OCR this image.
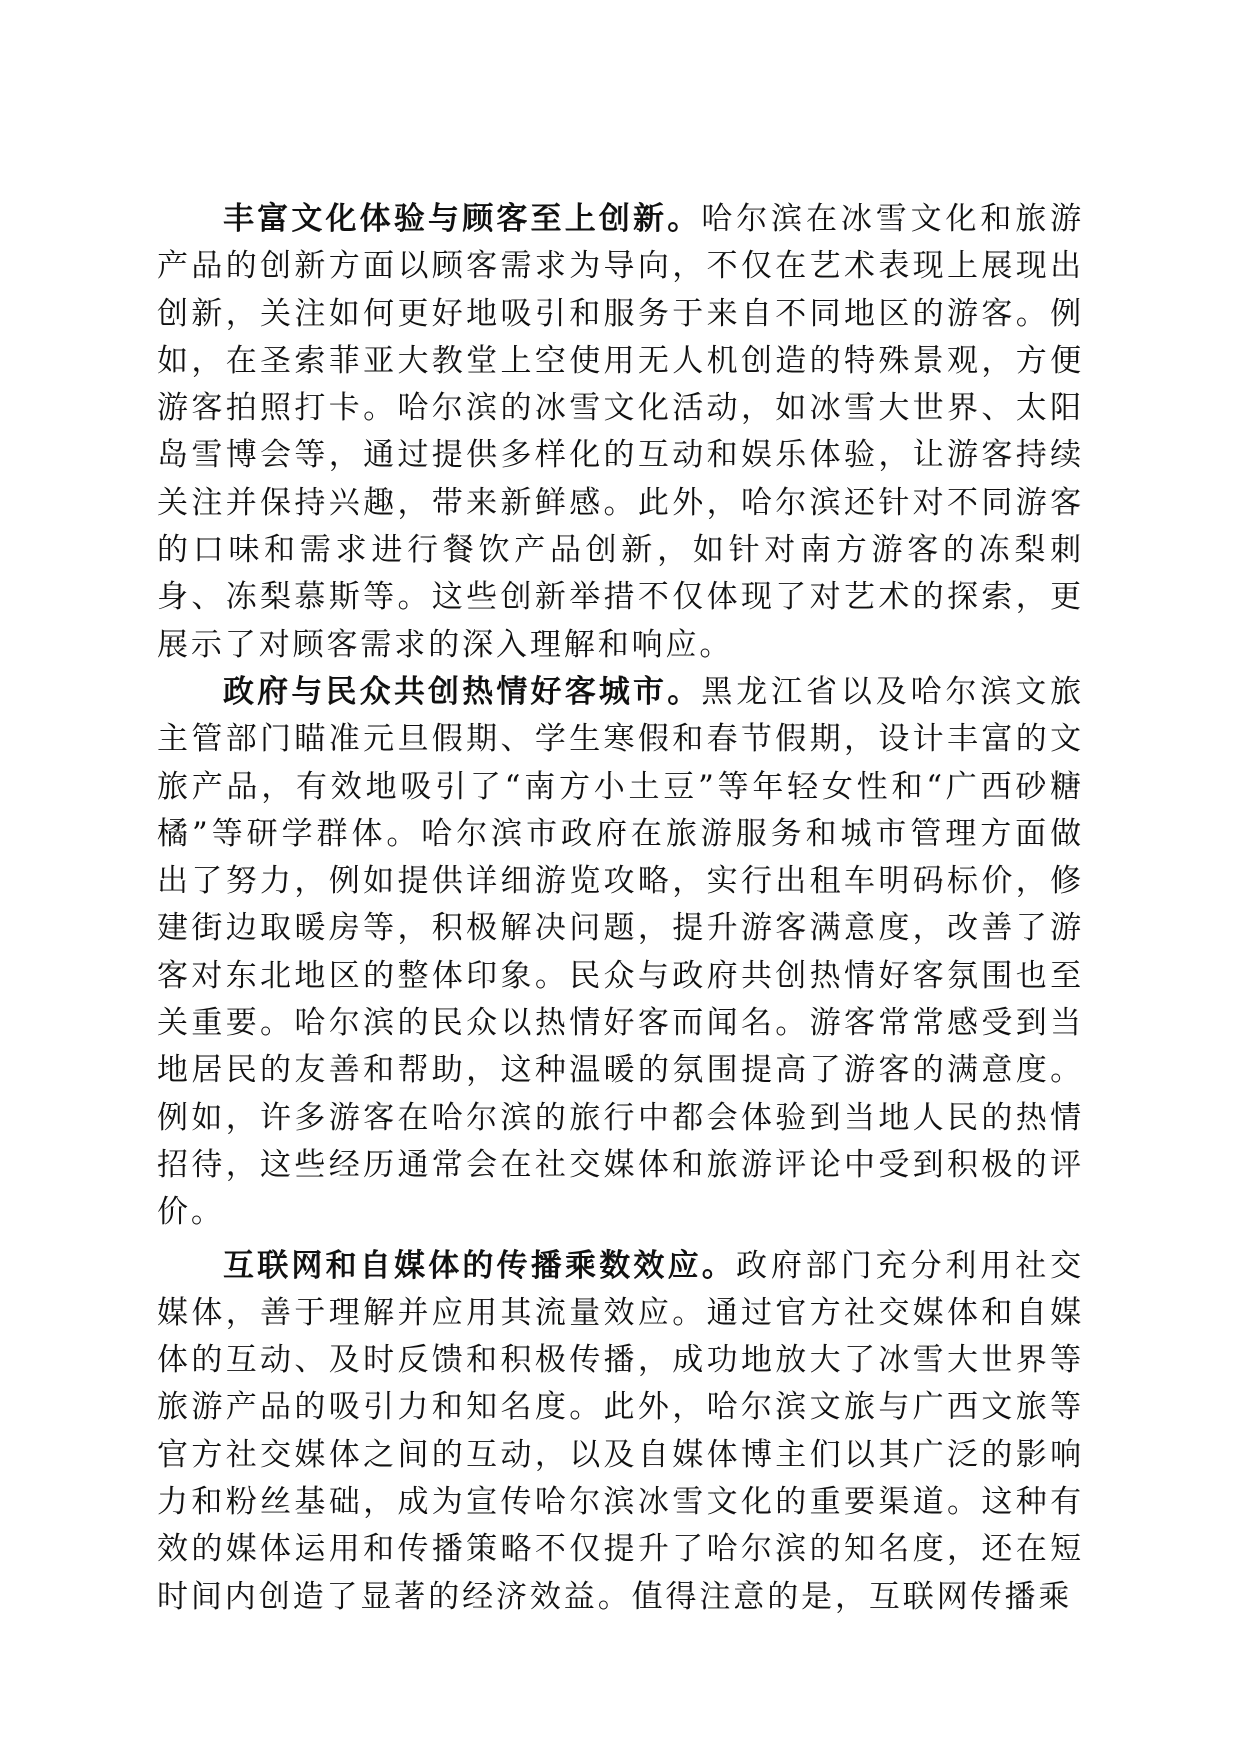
丰富文化体验与顾客至上创新。哈尔滨在冰雪文化和旅游产品的创新方面以顾客需求为导向，不仅在艺术表现上展现出创新，关注如何更好地吸引和服务于来自不同地区的游客。例如，在圣索菲亚大教堂上空使用无人机创造的特殊景观，方便游客拍照打卡。哈尔滨的冰雪文化活动，如冰雪大世界、太阳岛雪博会等，通过提供多样化的互动和娱乐体验，让游客持续关注并保持兴趣，带来新鲜感。此外，哈尔滨还针对不同游客的口味和需求进行餐饮产品创新，如针对南方游客的冻梨刺身、冻梨慕斯等。这些创新举措不仅体现了对艺术的探索，更展示了对顾客需求的深入理解和响应。

政府与民众共创热情好客城市。黑龙江省以及哈尔滨文旅主管部门瞄准元旦假期、学生寒假和春节假期，设计丰富的文旅产品，有效地吸引了“南方小土豆”等年轻女性和“广西砂糖橘”等研学群体。哈尔滨市政府在旅游服务和城市管理方面做出了努力，例如提供详细游览攻略，实行出租车明码标价，修建街边取暖房等，积极解决问题，提升游客满意度，改善了游客对东北地区的整体印象。民众与政府共创热情好客氛围也至关重要。哈尔滨的民众以热情好客而闻名。游客常常感受到当地居民的友善和帮助，这种温暖的氛围提高了游客的满意度。例如，许多游客在哈尔滨的旅行中都会体验到当地人民的热情招待，这些经历通常会在社交媒体和旅游评论中受到积极的评价。

互联网和自媒体的传播乘数效应。政府部门充分利用社交媒体，善于理解并应用其流量效应。通过官方社交媒体和自媒体的互动、及时反馈和积极传播，成功地放大了冰雪大世界等旅游产品的吸引力和知名度。此外，哈尔滨文旅与广西文旅等官方社交媒体之间的互动，以及自媒体博主们以其广泛的影响力和粉丝基础，成为宣传哈尔滨冰雪文化的重要渠道。这种有效的媒体运用和传播策略不仅提升了哈尔滨的知名度，还在短时间内创造了显著的经济效益。值得注意的是，互联网传播乘
